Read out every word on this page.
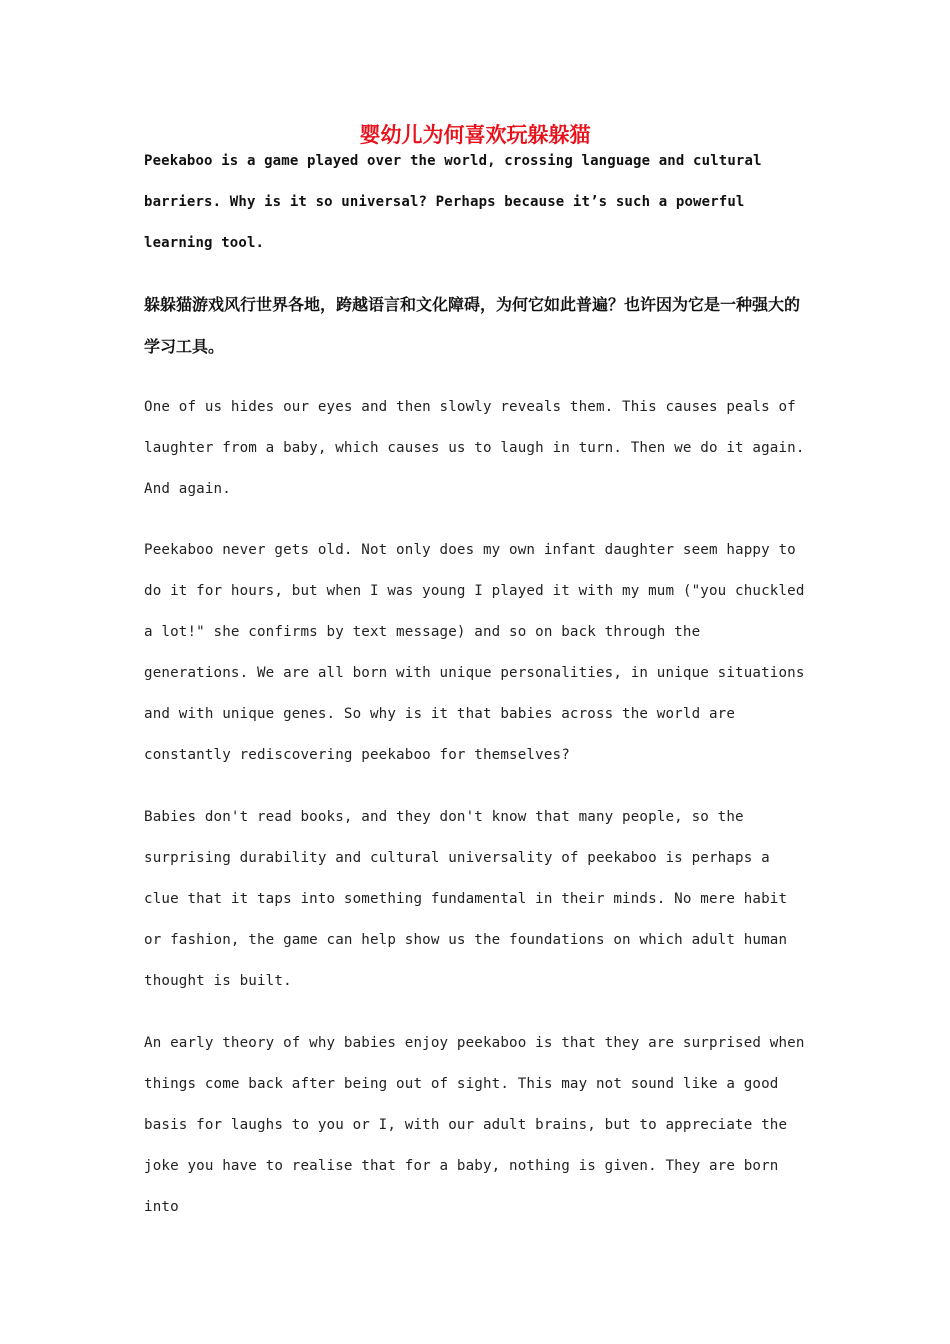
婴幼儿为何喜欢玩躲躲猫

Peekaboo is a game played over the world, crossing language and cultural barriers. Why is it so universal? Perhaps because it’s such a powerful learning tool.

躲躲猫游戏风行世界各地，跨越语言和文化障碍，为何它如此普遍？也许因为它是一种强大的学习工具。

One of us hides our eyes and then slowly reveals them. This causes peals of laughter from a baby, which causes us to laugh in turn. Then we do it again. And again.

Peekaboo never gets old. Not only does my own infant daughter seem happy to do it for hours, but when I was young I played it with my mum ("you chuckled a lot!" she confirms by text message) and so on back through the generations. We are all born with unique personalities, in unique situations and with unique genes. So why is it that babies across the world are constantly rediscovering peekaboo for themselves?

Babies don't read books, and they don't know that many people, so the surprising durability and cultural universality of peekaboo is perhaps a clue that it taps into something fundamental in their minds. No mere habit or fashion, the game can help show us the foundations on which adult human thought is built.

An early theory of why babies enjoy peekaboo is that they are surprised when things come back after being out of sight. This may not sound like a good basis for laughs to you or I, with our adult brains, but to appreciate the joke you have to realise that for a baby, nothing is given. They are born into
